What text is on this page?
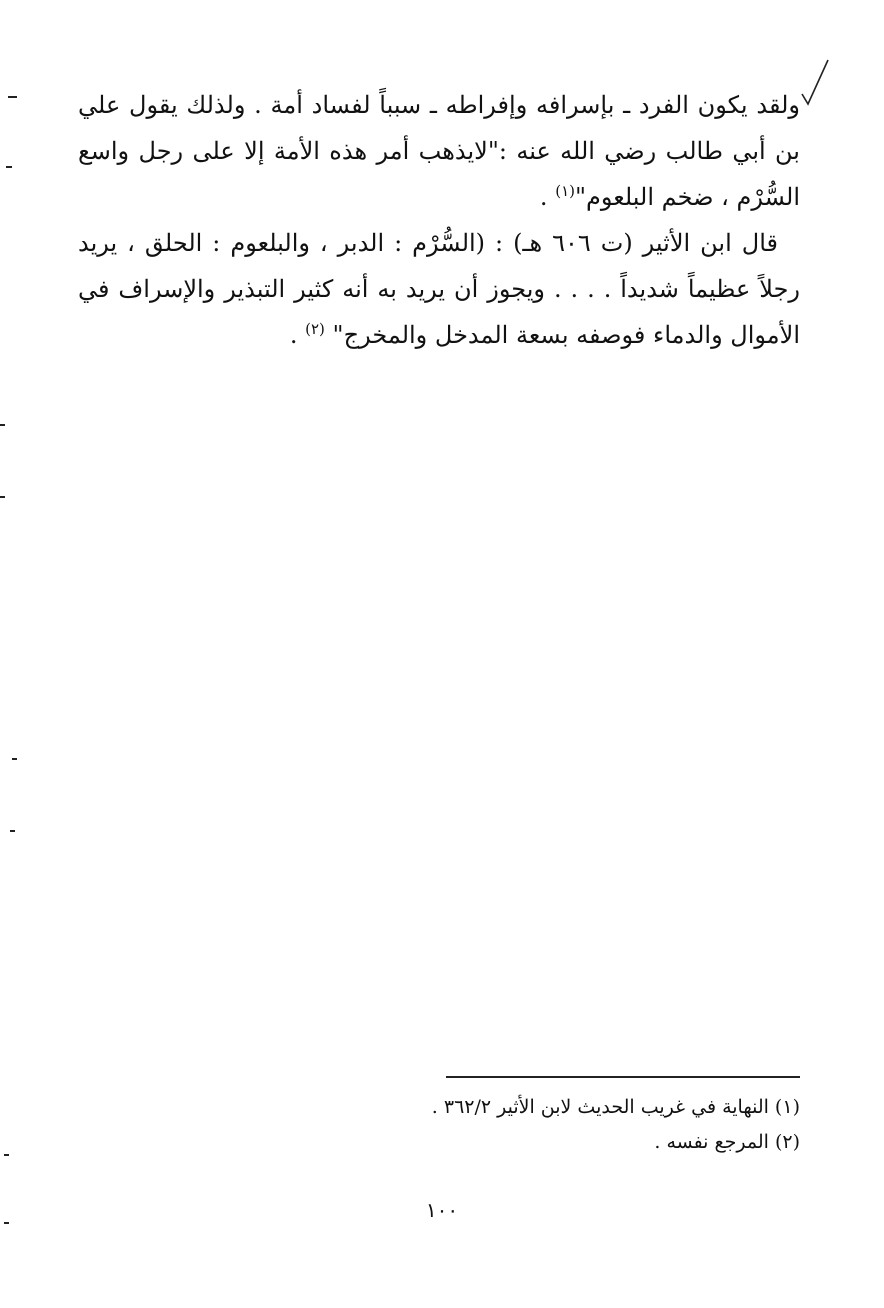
ولقد يكون الفرد ـ بإسرافه وإفراطه ـ سبباً لفساد أمة . ولذلك يقول علي بن أبي طالب رضي الله عنه :"لايذهب أمر هذه الأمة إلا على رجل واسع السُّرْم ، ضخم البلعوم"$^{(١)}$ .

قال ابن الأثير (ت ٦٠٦ هـ) : (السُّرْم : الدبر ، والبلعوم : الحلق ، يريد رجلاً عظيماً شديداً . . . . ويجوز أن يريد به أنه كثير التبذير والإسراف في الأموال والدماء فوصفه بسعة المدخل والمخرج" $^{(٢)}$ .

(١) النهاية في غريب الحديث لابن الأثير ٣٦٢/٢ .

(٢) المرجع نفسه .

١٠٠
